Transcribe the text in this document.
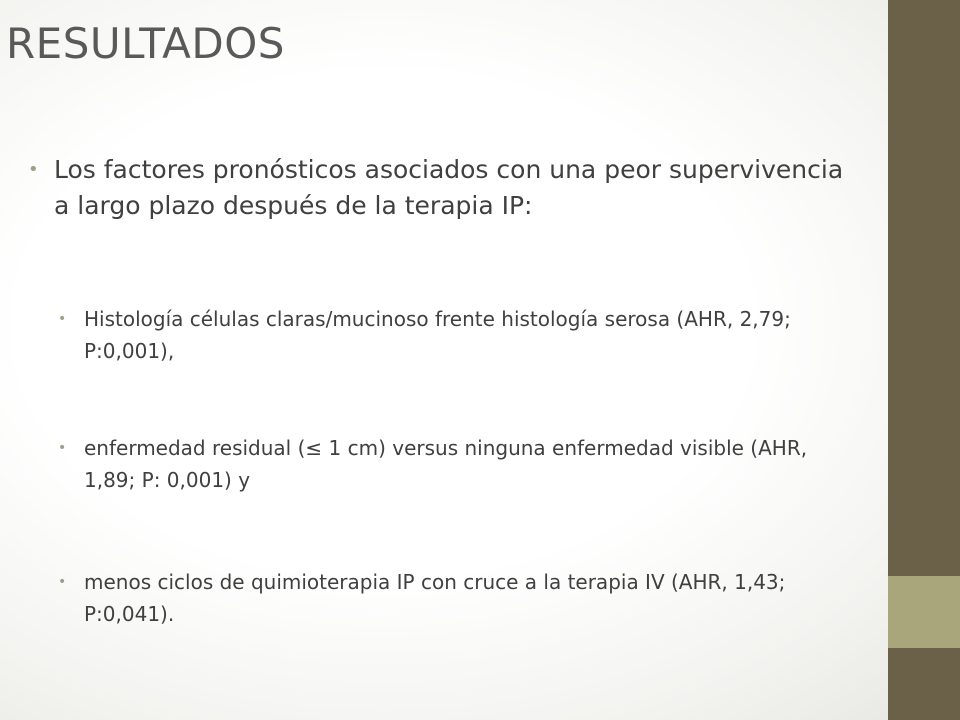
RESULTADOS
• Los factores pronósticos asociados con una peor supervivencia a largo plazo después de la terapia IP:
• Histología células claras/mucinoso frente histología serosa (AHR, 2,79; P:0,001),
• enfermedad residual (≤ 1 cm) versus ninguna enfermedad visible (AHR, 1,89; P: 0,001) y
• menos ciclos de quimioterapia IP con cruce a la terapia IV (AHR, 1,43; P:0,041).
